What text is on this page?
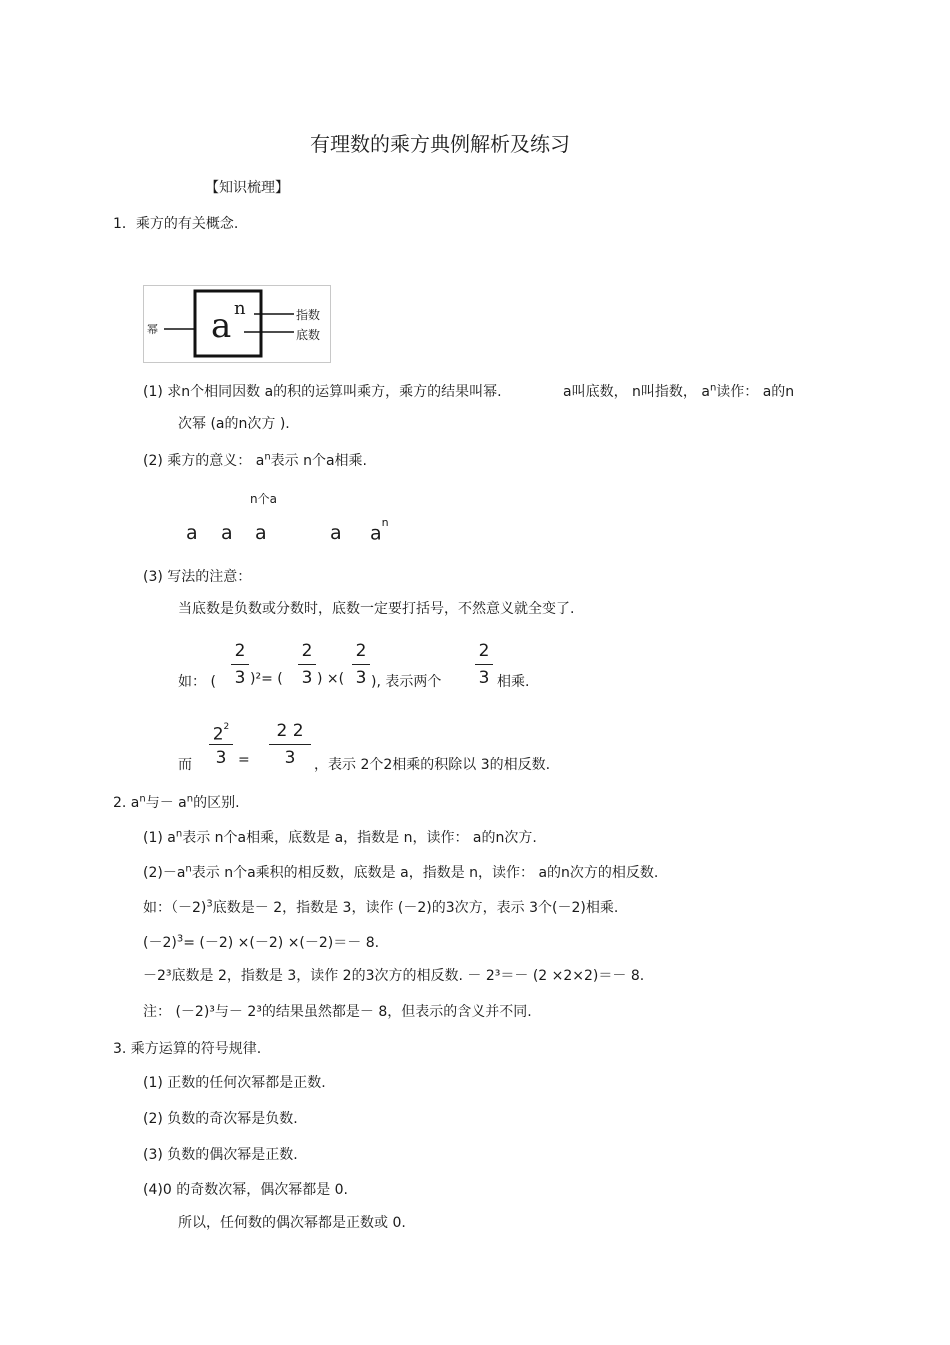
有理数的乘方典例解析及练习
【知识梳理】
1．乘方的有关概念.
幂 a n	指数
底数
(1) 求n个相同因数 a的积的运算叫乘方，乘方的结果叫幂.	a叫底数， n叫指数， $a^n$读作： a的n
次幂 (a的n次方 ).
(2) 乘方的意义： $a^n$表示 n个a相乘.
n个a
a a a	a $a^n$
(3) 写法的注意：
当底数是负数或分数时，底数一定要打括号，不然意义就全变了.
如： (
2
3 )²= (
2
3 ) ×(
2
3 ), 表示两个
2
3 相乘.
而
$2^2$
3 =
2 2
3	，表示 2个2相乘的积除以 3的相反数.
2. $a^n$与－ $a^n$的区别.
(1) $a^n$表示 n个a相乘，底数是 a，指数是 n，读作： a的n次方.
$(2)-a^n$表示 n个a乘积的相反数，底数是 a，指数是 n，读作： a的n次方的相反数.
如：（－2)$^3$底数是－ 2，指数是 3，读作 (－2)的3次方，表示 3个(－2)相乘.
$(-2)^3= (-2) \times(-2) \times(-2)=- 8$.
－2³底数是 2，指数是 3，读作 2的3次方的相反数. － 2³＝－ (2 ×2×2)＝－ 8.
注： (－2)³与－ 2³的结果虽然都是－ 8，但表示的含义并不同.
3. 乘方运算的符号规律.
(1) 正数的任何次幂都是正数.
(2) 负数的奇次幂是负数.
(3) 负数的偶次幂是正数.
(4)0 的奇数次幂，偶次幂都是 0.
所以，任何数的偶次幂都是正数或 0.
